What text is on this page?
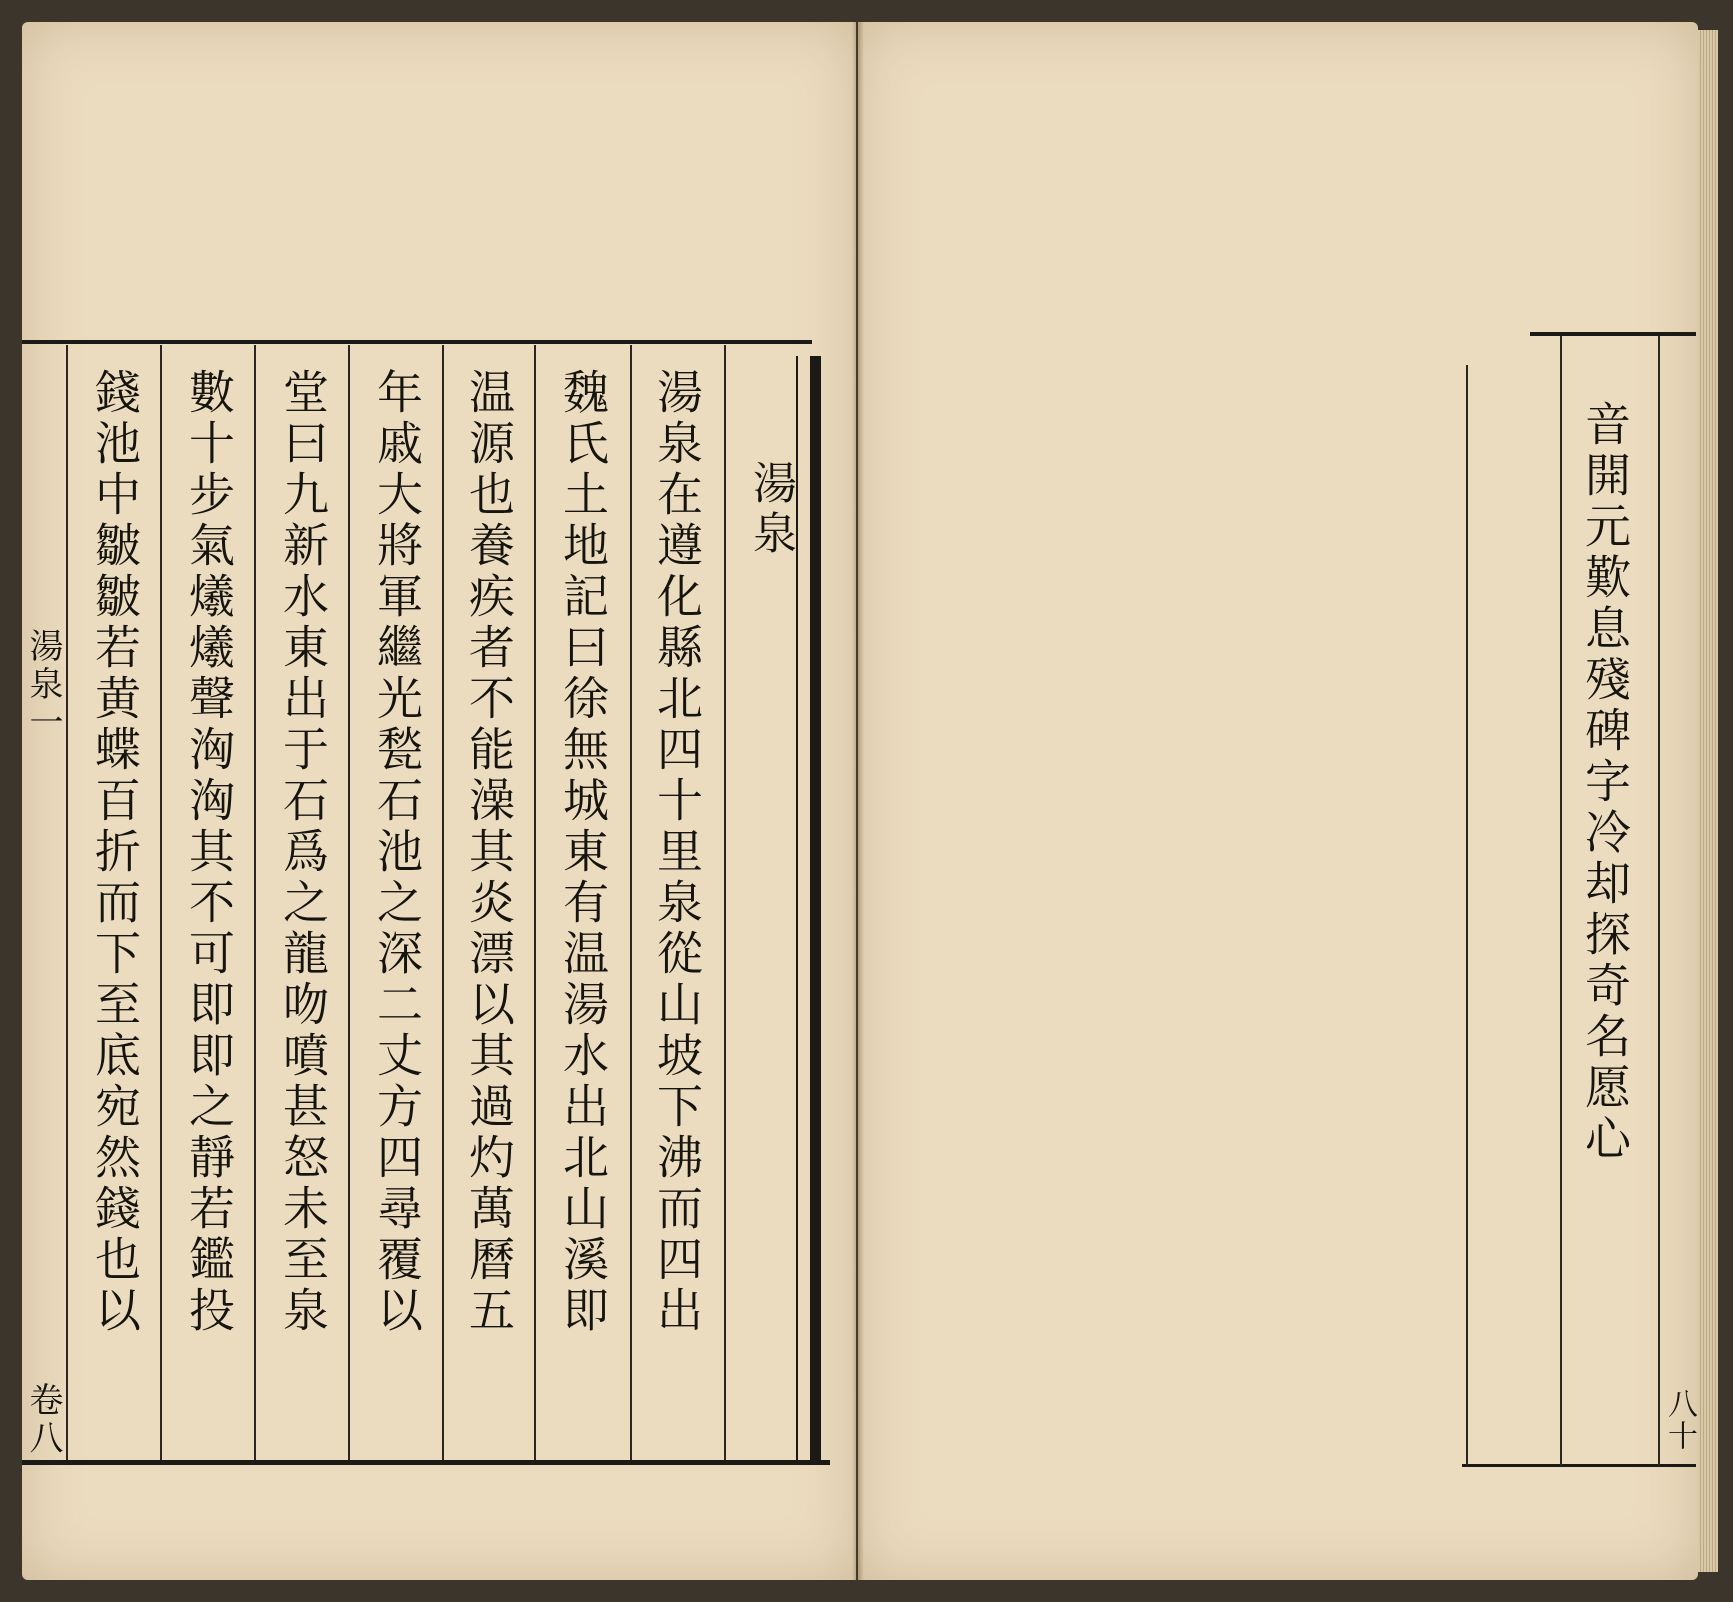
湯泉
湯泉在遵化縣北四十里泉從山坡下沸而四出
魏氏土地記曰徐無城東有温湯水出北山溪即
温源也養疾者不能澡其炎漂以其過灼萬曆五
年戚大將軍繼光甃石池之深二丈方四尋覆以
堂曰九新水東出于石爲之龍吻噴甚怒未至泉
數十步氣爔爔聲洶洶其不可即即之靜若鑑投
錢池中皺皺若黄蝶百折而下至底宛然錢也以
湯泉一
卷八
音開元歎息殘碑字冷却探奇名愿心
八十
